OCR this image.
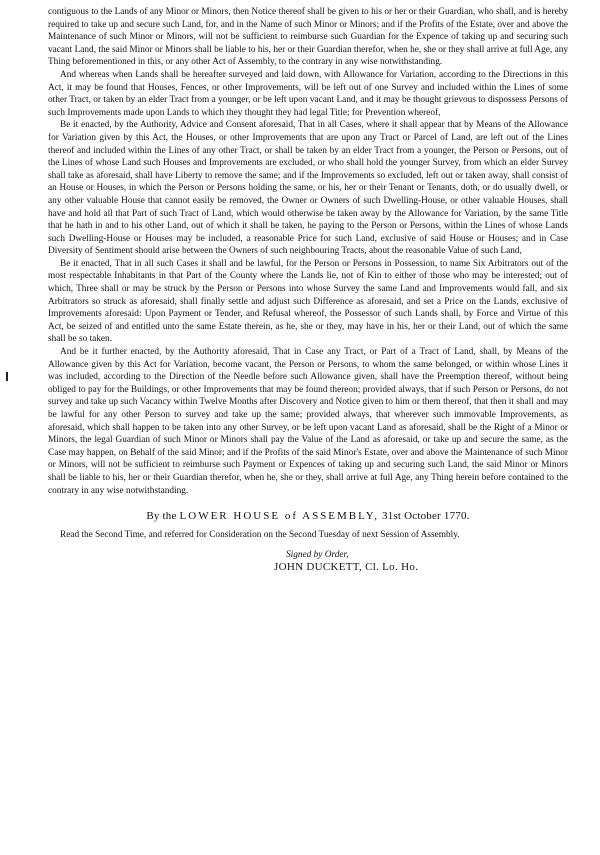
contiguous to the Lands of any Minor or Minors, then Notice thereof shall be given to his or her or their Guardian, who shall, and is hereby required to take up and secure such Land, for, and in the Name of such Minor or Minors; and if the Profits of the Estate, over and above the Maintenance of such Minor or Minors, will not be sufficient to reimburse such Guardian for the Expence of taking up and securing such vacant Land, the said Minor or Minors shall be liable to his, her or their Guardian therefor, when he, she or they shall arrive at full Age, any Thing beforementioned in this, or any other Act of Assembly, to the contrary in any wise notwithstanding.

And whereas when Lands shall be hereafter surveyed and laid down, with Allowance for Variation, according to the Directions in this Act, it may be found that Houses, Fences, or other Improvements, will be left out of one Survey and included within the Lines of some other Tract, or taken by an elder Tract from a younger, or be left upon vacant Land, and it may be thought grievous to dispossess Persons of such Improvements made upon Lands to which they thought they had legal Title; for Prevention whereof,

Be it enacted, by the Authority, Advice and Consent aforesaid, That in all Cases, where it shall appear that by Means of the Allowance for Variation given by this Act, the Houses, or other Improvements that are upon any Tract or Parcel of Land, are left out of the Lines thereof and included within the Lines of any other Tract, or shall be taken by an elder Tract from a younger, the Person or Persons, out of the Lines of whose Land such Houses and Improvements are excluded, or who shall hold the younger Survey, from which an elder Survey shall take as aforesaid, shall have Liberty to remove the same; and if the Improvements so excluded, left out or taken away, shall consist of an House or Houses, in which the Person or Persons holding the same, or his, her or their Tenant or Tenants, doth, or do usually dwell, or any other valuable House that cannot easily be removed, the Owner or Owners of such Dwelling-House, or other valuable Houses, shall have and hold all that Part of such Tract of Land, which would otherwise be taken away by the Allowance for Variation, by the same Title that he hath in and to his other Land, out of which it shall be taken, he paying to the Person or Persons, within the Lines of whose Lands such Dwelling-House or Houses may be included, a reasonable Price for such Land, exclusive of said House or Houses; and in Case Diversity of Sentiment should arise between the Owners of such neighbouring Tracts, about the reasonable Value of such Land,

Be it enacted, That in all such Cases it shall and be lawful, for the Person or Persons in Possession, to name Six Arbitrators out of the most respectable Inhabitants in that Part of the County where the Lands lie, not of Kin to either of those who may be interested; out of which, Three shall or may be struck by the Person or Persons into whose Survey the same Land and Improvements would fall, and six Arbitrators so struck as aforesaid, shall finally settle and adjust such Difference as aforesaid, and set a Price on the Lands, exclusive of Improvements aforesaid: Upon Payment or Tender, and Refusal whereof, the Possessor of such Lands shall, by Force and Virtue of this Act, be seized of and entitled unto the same Estate therein, as he, she or they, may have in his, her or their Land, out of which the same shall be so taken.

And be it further enacted, by the Authority aforesaid, That in Case any Tract, or Part of a Tract of Land, shall, by Means of the Allowance given by this Act for Variation, become vacant, the Person or Persons, to whom the same belonged, or within whose Lines it was included, according to the Direction of the Needle before such Allowance given, shall have the Preemption thereof, without being obliged to pay for the Buildings, or other Improvements that may be found thereon; provided always, that if such Person or Persons, do not survey and take up such Vacancy within Twelve Months after Discovery and Notice given to him or them thereof, that then it shall and may be lawful for any other Person to survey and take up the same; provided always, that wherever such immovable Improvements, as aforesaid, which shall happen to be taken into any other Survey, or be left upon vacant Land as aforesaid, shall be the Right of a Minor or Minors, the legal Guardian of such Minor or Minors shall pay the Value of the Land as aforesaid, or take up and secure the same, as the Case may happen, on Behalf of the said Minor; and if the Profits of the said Minor's Estate, over and above the Maintenance of such Minor or Minors, will not be sufficient to reimburse such Payment or Expences of taking up and securing such Land, the said Minor or Minors shall be liable to his, her or their Guardian therefor, when he, she or they, shall arrive at full Age, any Thing herein before contained to the contrary in any wise notwithstanding.

By the LOWER HOUSE of ASSEMBLY, 31st October 1770.

Read the Second Time, and referred for Consideration on the Second Tuesday of next Session of Assembly.

Signed by Order,
JOHN DUCKETT, Cl. Lo. Ho.
